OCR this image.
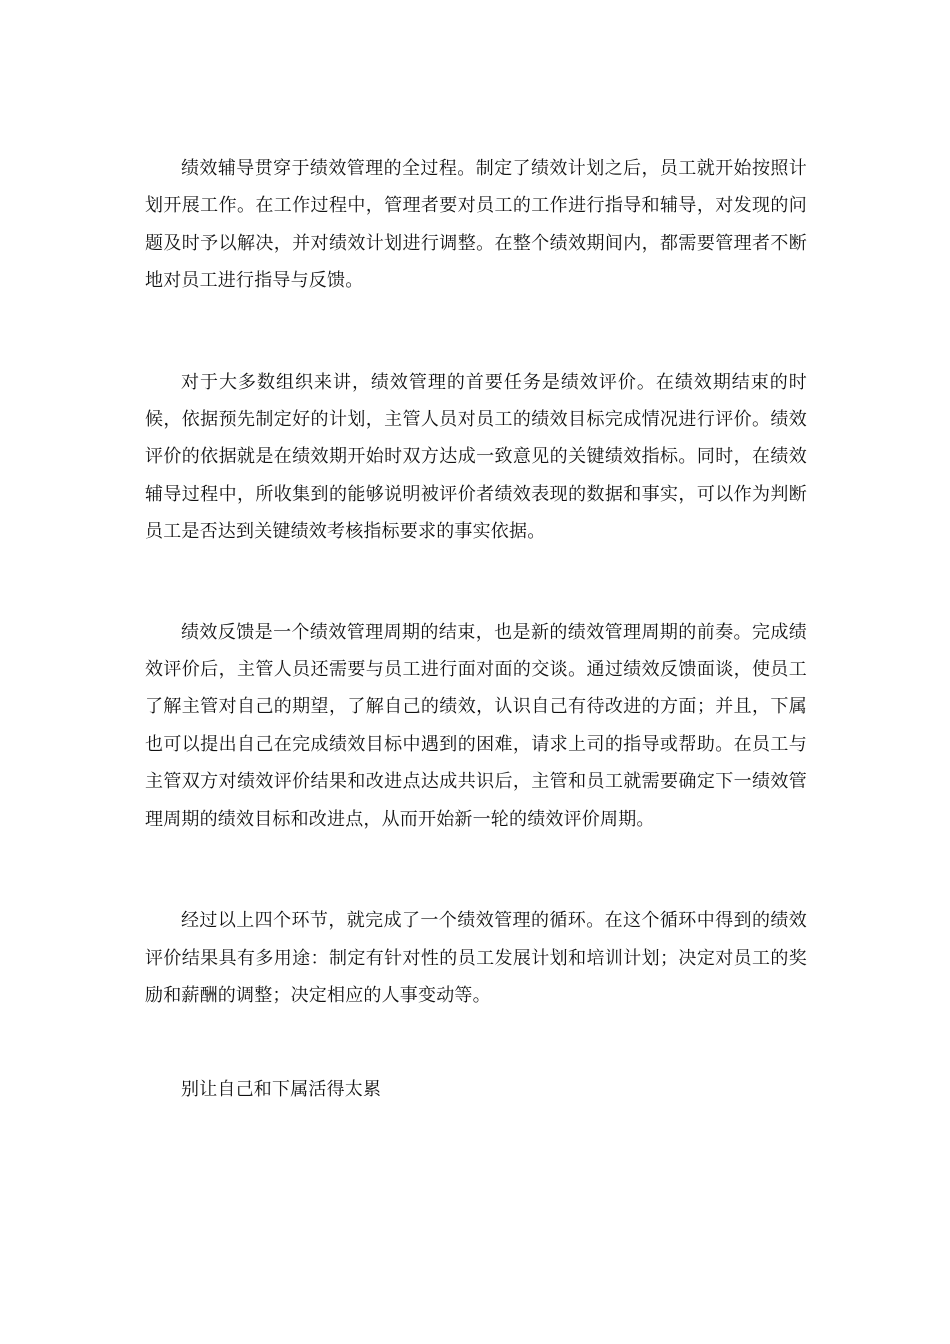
绩效辅导贯穿于绩效管理的全过程。制定了绩效计划之后，员工就开始按照计划开展工作。在工作过程中，管理者要对员工的工作进行指导和辅导，对发现的问题及时予以解决，并对绩效计划进行调整。在整个绩效期间内，都需要管理者不断地对员工进行指导与反馈。

对于大多数组织来讲，绩效管理的首要任务是绩效评价。在绩效期结束的时候，依据预先制定好的计划，主管人员对员工的绩效目标完成情况进行评价。绩效评价的依据就是在绩效期开始时双方达成一致意见的关键绩效指标。同时，在绩效辅导过程中，所收集到的能够说明被评价者绩效表现的数据和事实，可以作为判断员工是否达到关键绩效考核指标要求的事实依据。

绩效反馈是一个绩效管理周期的结束，也是新的绩效管理周期的前奏。完成绩效评价后，主管人员还需要与员工进行面对面的交谈。通过绩效反馈面谈，使员工了解主管对自己的期望，了解自己的绩效，认识自己有待改进的方面；并且，下属也可以提出自己在完成绩效目标中遇到的困难，请求上司的指导或帮助。在员工与主管双方对绩效评价结果和改进点达成共识后，主管和员工就需要确定下一绩效管理周期的绩效目标和改进点，从而开始新一轮的绩效评价周期。

经过以上四个环节，就完成了一个绩效管理的循环。在这个循环中得到的绩效评价结果具有多用途：制定有针对性的员工发展计划和培训计划；决定对员工的奖励和薪酬的调整；决定相应的人事变动等。

别让自己和下属活得太累
